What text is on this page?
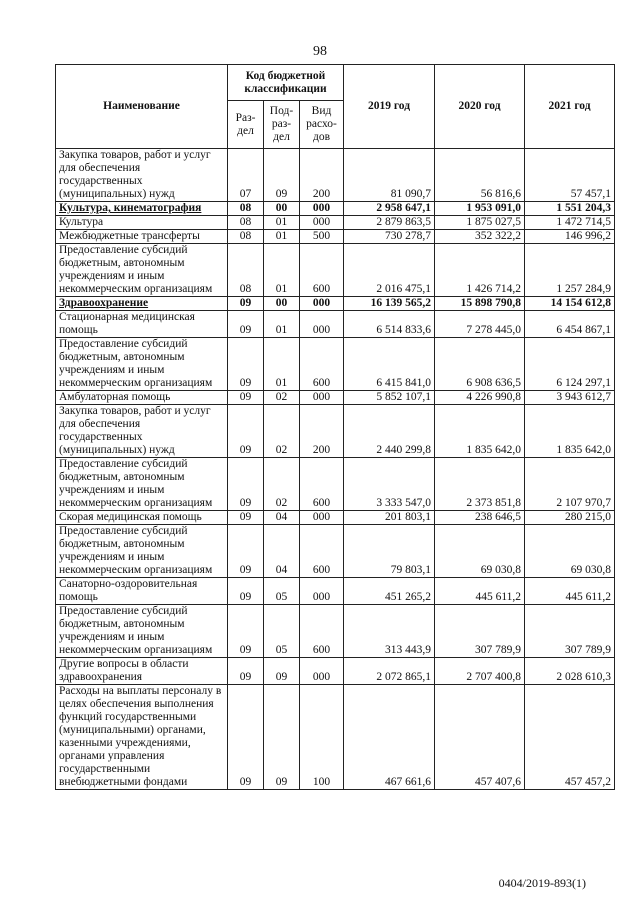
98
Наименование	Код бюджетной классификации			2019 год	2020 год	2021 год
	Раз-дел	Под-раз-дел	Вид расхо-дов			
Закупка товаров, работ и услуг для обеспечения государственных (муниципальных) нужд	07	09	200	81 090,7	56 816,6	57 457,1
Культура, кинематография	08	00	000	2 958 647,1	1 953 091,0	1 551 204,3
Культура	08	01	000	2 879 863,5	1 875 027,5	1 472 714,5
Межбюджетные трансферты	08	01	500	730 278,7	352 322,2	146 996,2
Предоставление субсидий бюджетным, автономным учреждениям и иным некоммерческим организациям	08	01	600	2 016 475,1	1 426 714,2	1 257 284,9
Здравоохранение	09	00	000	16 139 565,2	15 898 790,8	14 154 612,8
Стационарная медицинская помощь	09	01	000	6 514 833,6	7 278 445,0	6 454 867,1
Предоставление субсидий бюджетным, автономным учреждениям и иным некоммерческим организациям	09	01	600	6 415 841,0	6 908 636,5	6 124 297,1
Амбулаторная помощь	09	02	000	5 852 107,1	4 226 990,8	3 943 612,7
Закупка товаров, работ и услуг для обеспечения государственных (муниципальных) нужд	09	02	200	2 440 299,8	1 835 642,0	1 835 642,0
Предоставление субсидий бюджетным, автономным учреждениям и иным некоммерческим организациям	09	02	600	3 333 547,0	2 373 851,8	2 107 970,7
Скорая медицинская помощь	09	04	000	201 803,1	238 646,5	280 215,0
Предоставление субсидий бюджетным, автономным учреждениям и иным некоммерческим организациям	09	04	600	79 803,1	69 030,8	69 030,8
Санаторно-оздоровительная помощь	09	05	000	451 265,2	445 611,2	445 611,2
Предоставление субсидий бюджетным, автономным учреждениям и иным некоммерческим организациям	09	05	600	313 443,9	307 789,9	307 789,9
Другие вопросы в области здравоохранения	09	09	000	2 072 865,1	2 707 400,8	2 028 610,3
Расходы на выплаты персоналу в целях обеспечения выполнения функций государственными (муниципальными) органами, казенными учреждениями, органами управления государственными внебюджетными фондами	09	09	100	467 661,6	457 407,6	457 457,2
0404/2019-893(1)
